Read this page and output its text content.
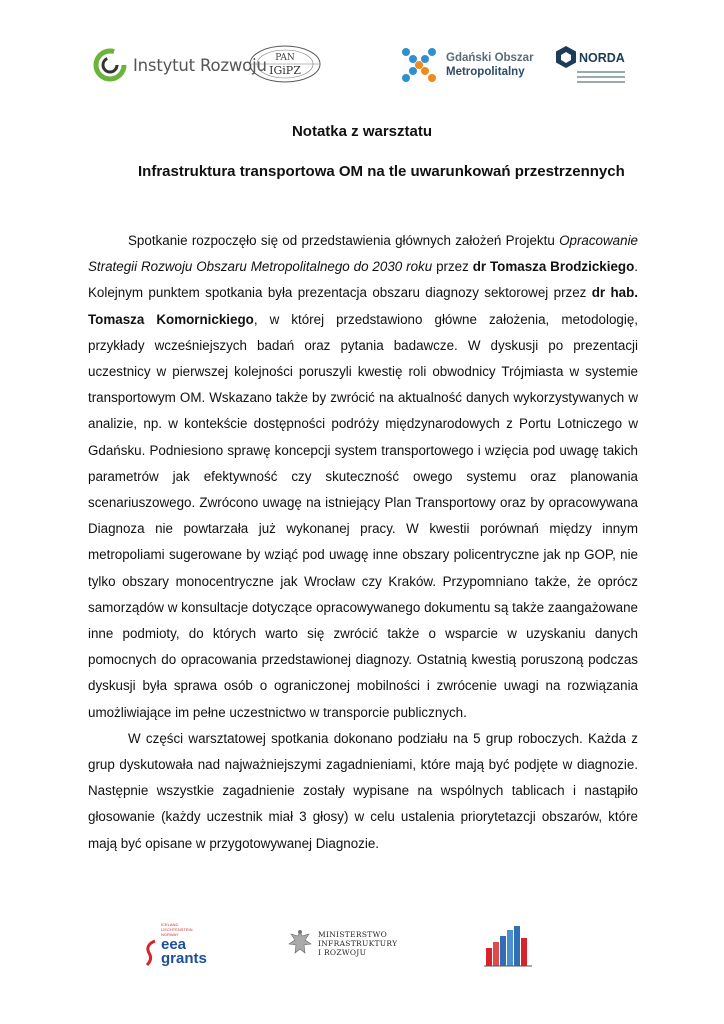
Instytut Rozwoju PAN
IGiPZ
Gdański Obszar
Metropolitalny
NORDA
Notatka z warsztatu
Infrastruktura transportowa OM na tle uwarunkowań przestrzennych

Spotkanie rozpoczęło się od przedstawienia głównych założeń Projektu Opracowanie Strategii Rozwoju Obszaru Metropolitalnego do 2030 roku przez dr Tomasza Brodzickiego. Kolejnym punktem spotkania była prezentacja obszaru diagnozy sektorowej przez dr hab. Tomasza Komornickiego, w której przedstawiono główne założenia, metodologię, przykłady wcześniejszych badań oraz pytania badawcze. W dyskusji po prezentacji uczestnicy w pierwszej kolejności poruszyli kwestię roli obwodnicy Trójmiasta w systemie transportowym OM. Wskazano także by zwrócić na aktualność danych wykorzystywanych w analizie, np. w kontekście dostępności podróży międzynarodowych z Portu Lotniczego w Gdańsku. Podniesiono sprawę koncepcji system transportowego i wzięcia pod uwagę takich parametrów jak efektywność czy skuteczność owego systemu oraz planowania scenariuszowego. Zwrócono uwagę na istniejący Plan Transportowy oraz by opracowywana Diagnoza nie powtarzała już wykonanej pracy. W kwestii porównań między innym metropoliami sugerowane by wziąć pod uwagę inne obszary policentryczne jak np GOP, nie tylko obszary monocentryczne jak Wrocław czy Kraków. Przypomniano także, że oprócz samorządów w konsultacje dotyczące opracowywanego dokumentu są także zaangażowane inne podmioty, do których warto się zwrócić także o wsparcie w uzyskaniu danych pomocnych do opracowania przedstawionej diagnozy. Ostatnią kwestią poruszoną podczas dyskusji była sprawa osób o ograniczonej mobilności i zwrócenie uwagi na rozwiązania umożliwiające im pełne uczestnictwo w transporcie publicznych.

W części warsztatowej spotkania dokonano podziału na 5 grup roboczych. Każda z grup dyskutowała nad najważniejszymi zagadnieniami, które mają być podjęte w diagnozie. Następnie wszystkie zagadnienie zostały wypisane na wspólnych tablicach i nastąpiło głosowanie (każdy uczestnik miał 3 głosy) w celu ustalenia priorytetazcji obszarów, które mają być opisane w przygotowywanej Diagnozie.

ICELAND LIECHTENSTEIN NORWAY
eea
grants
MINISTERSTWO
INFRASTRUKTURY
I ROZWOJU
